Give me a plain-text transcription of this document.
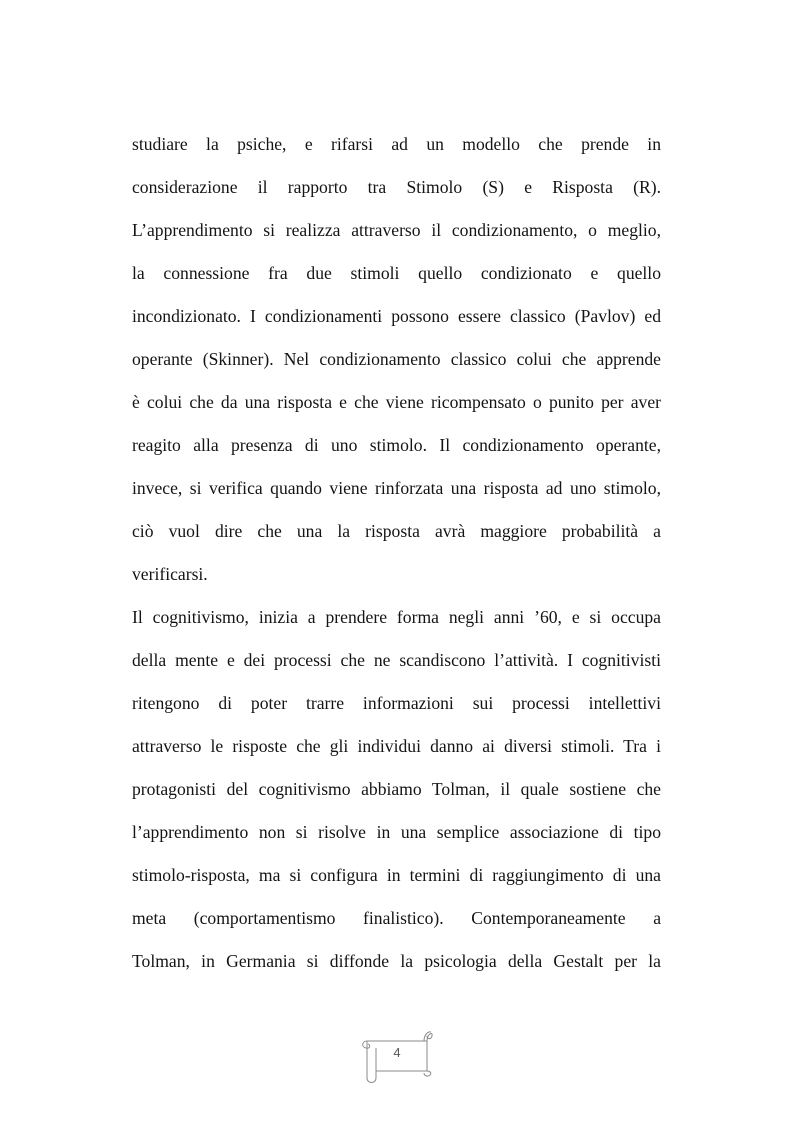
studiare la psiche, e rifarsi ad un modello che prende in
considerazione il rapporto tra Stimolo (S) e Risposta (R).
L’apprendimento si realizza attraverso il condizionamento, o meglio,
la connessione fra due stimoli quello condizionato e quello
incondizionato. I condizionamenti possono essere classico (Pavlov) ed
operante (Skinner). Nel condizionamento classico colui che apprende
è colui che da una risposta e che viene ricompensato o punito per aver
reagito alla presenza di uno stimolo. Il condizionamento operante,
invece, si verifica quando viene rinforzata una risposta ad uno stimolo,
ciò vuol dire che una la risposta avrà maggiore probabilità a
verificarsi.
Il cognitivismo, inizia a prendere forma negli anni ’60, e si occupa
della mente e dei processi che ne scandiscono l’attività. I cognitivisti
ritengono di poter trarre informazioni sui processi intellettivi
attraverso le risposte che gli individui danno ai diversi stimoli. Tra i
protagonisti del cognitivismo abbiamo Tolman, il quale sostiene che
l’apprendimento non si risolve in una semplice associazione di tipo
stimolo-risposta, ma si configura in termini di raggiungimento di una
meta (comportamentismo finalistico). Contemporaneamente a
Tolman, in Germania si diffonde la psicologia della Gestalt per la
4
